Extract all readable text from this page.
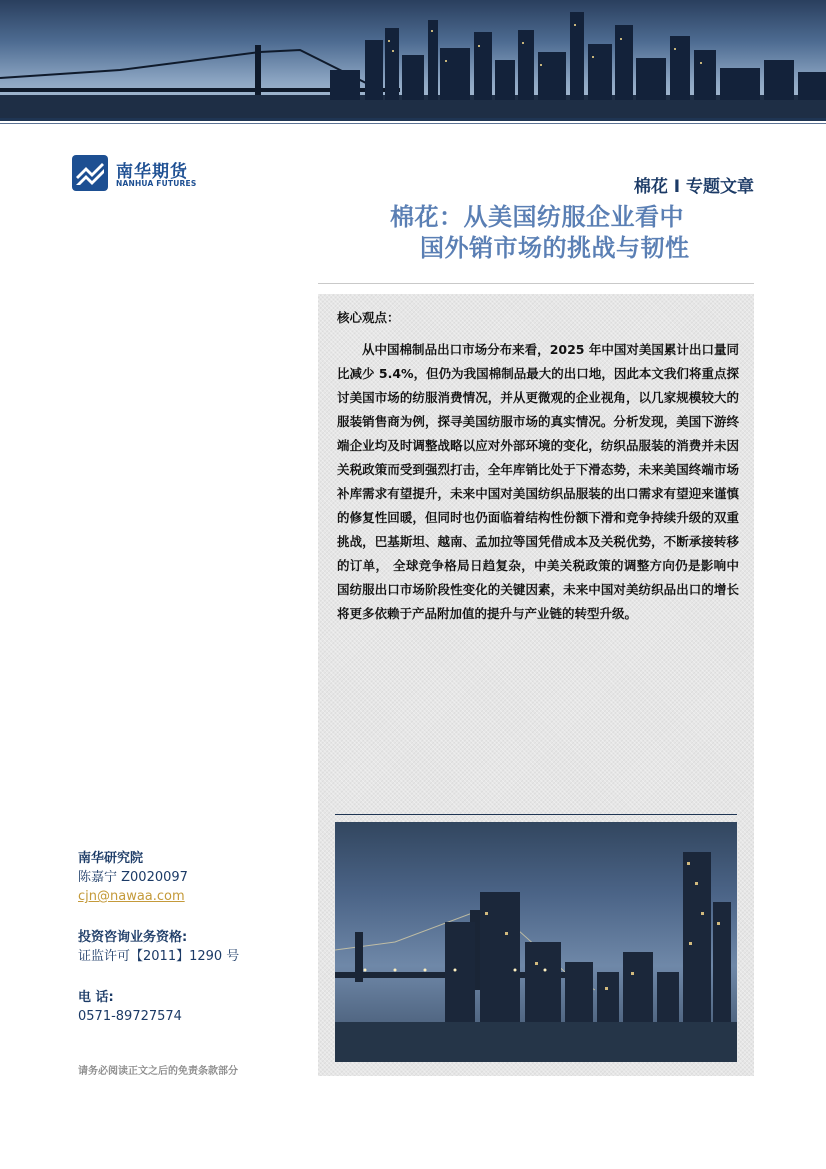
南华期货
NANHUA FUTURES	棉花 I 专题文章
棉花：从美国纺服企业看中
国外销市场的挑战与韧性
核心观点：

从中国棉制品出口市场分布来看，2025 年中国对美国累计出口量同比减少 5.4%，但仍为我国棉制品最大的出口地，因此本文我们将重点探讨美国市场的纺服消费情况，并从更微观的企业视角，以几家规模较大的服装销售商为例，探寻美国纺服市场的真实情况。分析发现，美国下游终端企业均及时调整战略以应对外部环境的变化，纺织品服装的消费并未因关税政策而受到强烈打击，全年库销比处于下滑态势，未来美国终端市场补库需求有望提升，未来中国对美国纺织品服装的出口需求有望迎来谨慎的修复性回暖，但同时也仍面临着结构性份额下滑和竞争持续升级的双重挑战，巴基斯坦、越南、孟加拉等国凭借成本及关税优势，不断承接转移的订单， 全球竞争格局日趋复杂，中美关税政策的调整方向仍是影响中国纺服出口市场阶段性变化的关键因素，未来中国对美纺织品出口的增长将更多依赖于产品附加值的提升与产业链的转型升级。

南华研究院
陈嘉宁 Z0020097
cjn@nawaa.com
投资咨询业务资格:
证监许可【2011】1290 号
电 话:
0571-89727574
请务必阅读正文之后的免责条款部分
